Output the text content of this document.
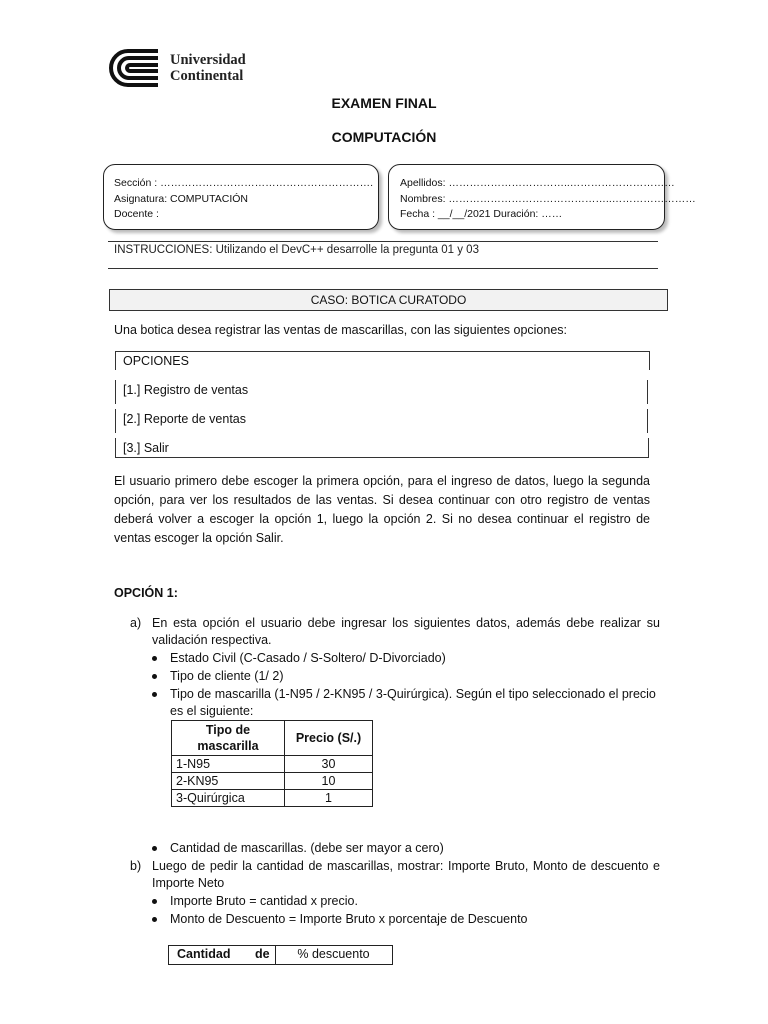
Universidad
Continental
EXAMEN FINAL
COMPUTACIÓN
Sección : …………………………………………………….
Asignatura: COMPUTACIÓN
Docente :
Apellidos: ……………………………..…………………………
Nombres: ………………………………………..……………………
Fecha : __/__/2021 Duración: ……
INSTRUCCIONES: Utilizando el DevC++ desarrolle la pregunta 01 y 03
CASO: BOTICA CURATODO
Una botica desea registrar las ventas de mascarillas, con las siguientes opciones:
OPCIONES
[1.] Registro de ventas
[2.] Reporte de ventas
[3.] Salir
El usuario primero debe escoger la primera opción, para el ingreso de datos, luego la segunda
opción, para ver los resultados de las ventas. Si desea continuar con otro registro de ventas
deberá volver a escoger la opción 1, luego la opción 2. Si no desea continuar el registro de
ventas escoger la opción Salir.
OPCIÓN 1:
a) En esta opción el usuario debe ingresar los siguientes datos, además debe realizar su
validación respectiva.
Estado Civil (C-Casado / S-Soltero/ D-Divorciado)
Tipo de cliente (1/ 2)
Tipo de mascarilla (1-N95 / 2-KN95 / 3-Quirúrgica). Según el tipo seleccionado el precio
es el siguiente:
Tipo de
mascarilla	Precio (S/.)
1-N95	30
2-KN95	10
3-Quirúrgica	1
Cantidad de mascarillas. (debe ser mayor a cero)
b) Luego de pedir la cantidad de mascarillas, mostrar: Importe Bruto, Monto de descuento e
Importe Neto
Importe Bruto = cantidad x precio.
Monto de Descuento = Importe Bruto x porcentaje de Descuento
Cantidad de	% descuento
